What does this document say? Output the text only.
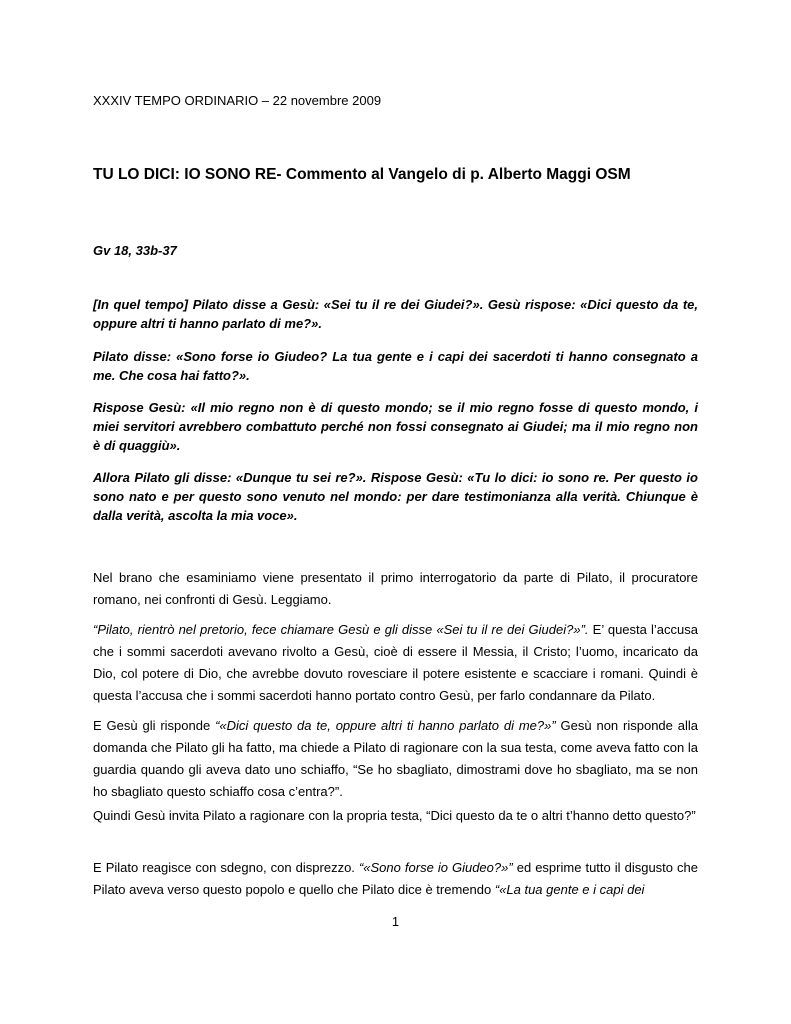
XXXIV TEMPO ORDINARIO – 22 novembre 2009

TU LO DICI: IO SONO RE- Commento al Vangelo di p. Alberto Maggi OSM

Gv 18, 33b-37

[In quel tempo] Pilato disse a Gesù: «Sei tu il re dei Giudei?». Gesù rispose: «Dici questo da te, oppure altri ti hanno parlato di me?».

Pilato disse: «Sono forse io Giudeo? La tua gente e i capi dei sacerdoti ti hanno consegnato a me. Che cosa hai fatto?».

Rispose Gesù: «Il mio regno non è di questo mondo; se il mio regno fosse di questo mondo, i miei servitori avrebbero combattuto perché non fossi consegnato ai Giudei; ma il mio regno non è di quaggiù».

Allora Pilato gli disse: «Dunque tu sei re?». Rispose Gesù: «Tu lo dici: io sono re. Per questo io sono nato e per questo sono venuto nel mondo: per dare testimonianza alla verità. Chiunque è dalla verità, ascolta la mia voce».

Nel brano che esaminiamo viene presentato il primo interrogatorio da parte di Pilato, il procuratore romano, nei confronti di Gesù. Leggiamo.

“Pilato, rientrò nel pretorio, fece chiamare Gesù e gli disse «Sei tu il re dei Giudei?»”. E’ questa l’accusa che i sommi sacerdoti avevano rivolto a Gesù, cioè di essere il Messia, il Cristo; l’uomo, incaricato da Dio, col potere di Dio, che avrebbe dovuto rovesciare il potere esistente e scacciare i romani. Quindi è questa l’accusa che i sommi sacerdoti hanno portato contro Gesù, per farlo condannare da Pilato.

E Gesù gli risponde “«Dici questo da te, oppure altri ti hanno parlato di me?»” Gesù non risponde alla domanda che Pilato gli ha fatto, ma chiede a Pilato di ragionare con la sua testa, come aveva fatto con la guardia quando gli aveva dato uno schiaffo, “Se ho sbagliato, dimostrami dove ho sbagliato, ma se non ho sbagliato questo schiaffo cosa c’entra?”.

Quindi Gesù invita Pilato a ragionare con la propria testa, “Dici questo da te o altri t’hanno detto questo?”

E Pilato reagisce con sdegno, con disprezzo. “«Sono forse io Giudeo?»” ed esprime tutto il disgusto che Pilato aveva verso questo popolo e quello che Pilato dice è tremendo “«La tua gente e i capi dei

1
